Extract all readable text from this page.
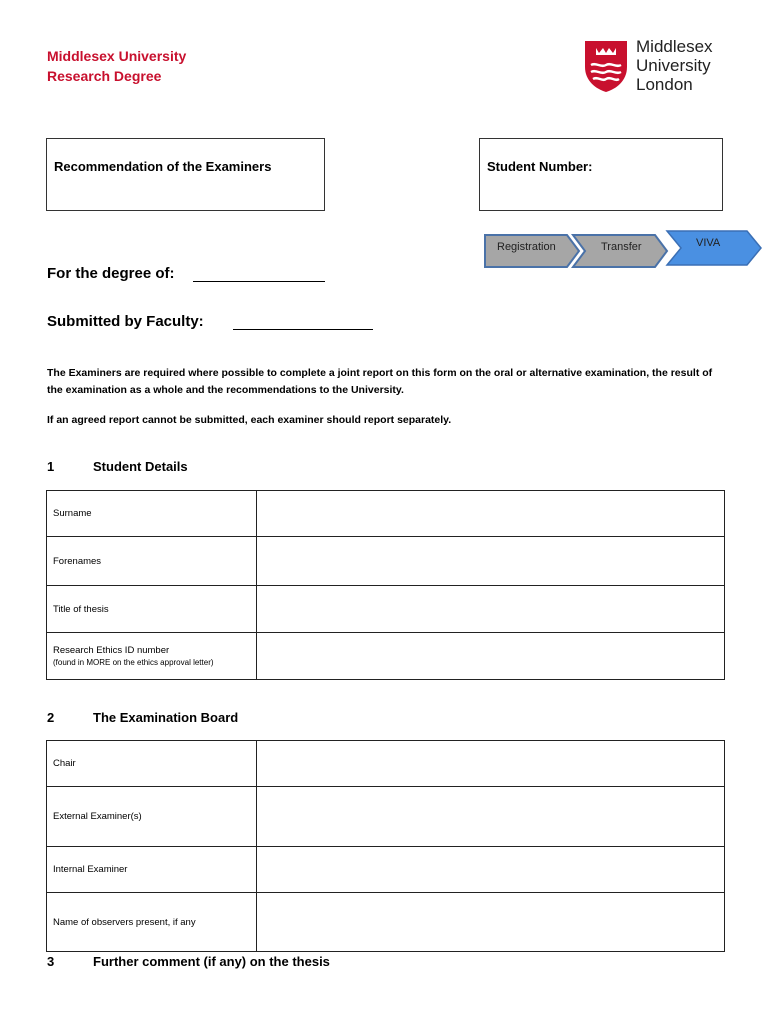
Middlesex University
Research Degree
Middlesex
University
London
Recommendation of the Examiners	Student Number:
Registration	Transfer	VIVA
For the degree of:
Submitted by Faculty:
The Examiners are required where possible to complete a joint report on this form on the oral or alternative examination, the result of the examination as a whole and the recommendations to the University.
If an agreed report cannot be submitted, each examiner should report separately.
1	Student Details
Surname	
Forenames	
Title of thesis	
Research Ethics ID number
(found in MORE on the ethics approval letter)	

2	The Examination Board
Chair	
External Examiner(s)	
Internal Examiner	
Name of observers present, if any	
3	Further comment (if any) on the thesis
